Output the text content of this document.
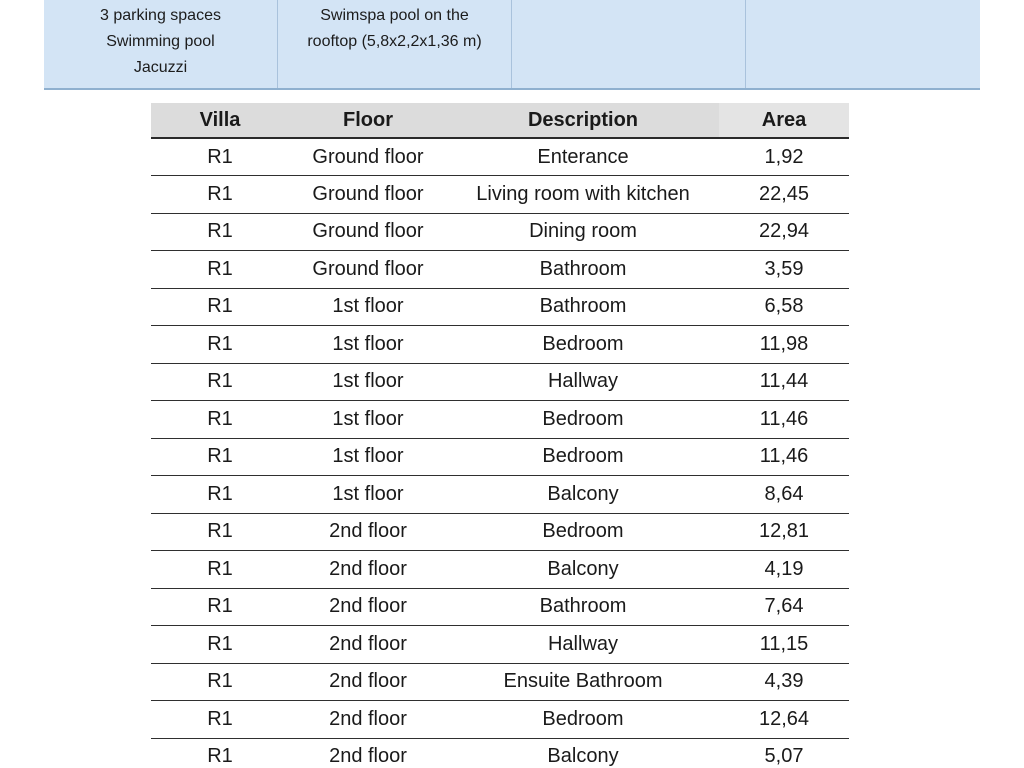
3 parking spaces
Swimming pool
Jacuzzi
Swimspa pool on the
rooftop (5,8x2,2x1,36 m)
Villa	Floor	Description	Area
R1	Ground floor	Enterance	1,92
R1	Ground floor	Living room with kitchen	22,45
R1	Ground floor	Dining room	22,94
R1	Ground floor	Bathroom	3,59
R1	1st floor	Bathroom	6,58
R1	1st floor	Bedroom	11,98
R1	1st floor	Hallway	11,44
R1	1st floor	Bedroom	11,46
R1	1st floor	Bedroom	11,46
R1	1st floor	Balcony	8,64
R1	2nd floor	Bedroom	12,81
R1	2nd floor	Balcony	4,19
R1	2nd floor	Bathroom	7,64
R1	2nd floor	Hallway	11,15
R1	2nd floor	Ensuite Bathroom	4,39
R1	2nd floor	Bedroom	12,64
R1	2nd floor	Balcony	5,07
